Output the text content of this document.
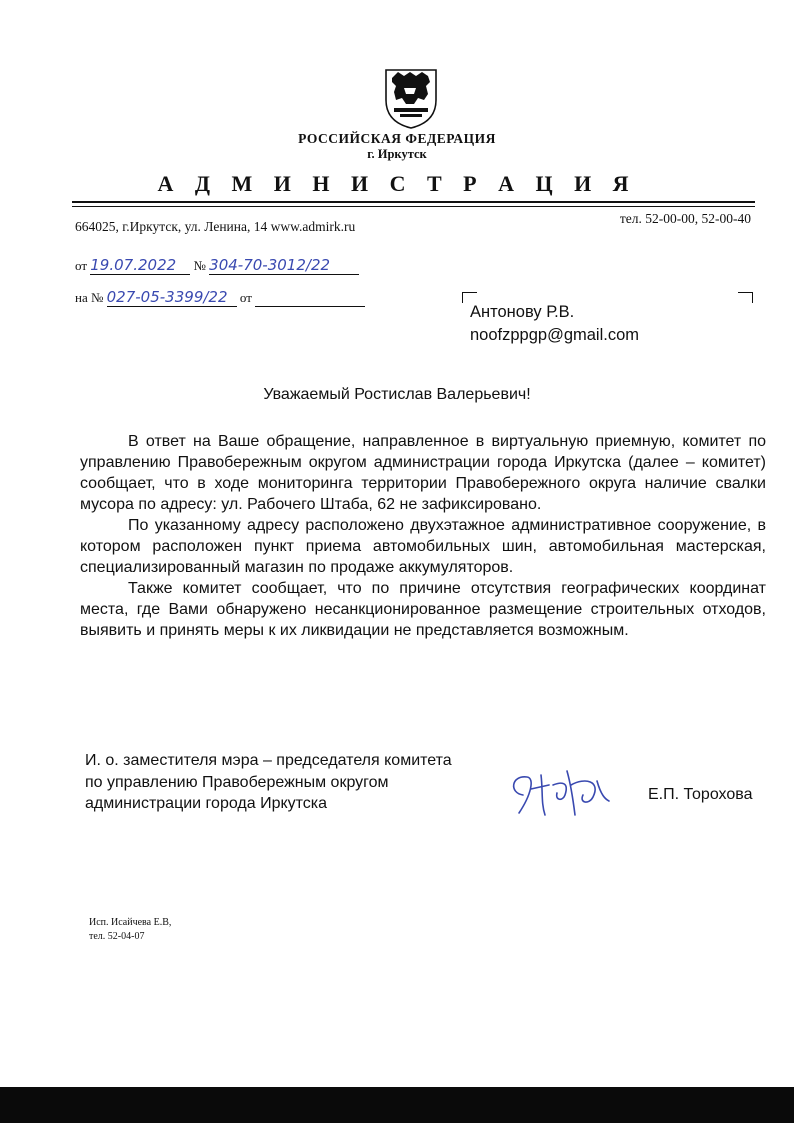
РОССИЙСКАЯ ФЕДЕРАЦИЯ
г. Иркутск
А Д М И Н И С Т Р А Ц И Я
664025, г.Иркутск, ул. Ленина, 14 www.admirk.ru
тел. 52-00-00, 52-00-40
от 19.07.2022 № 304-70-3012/22
на № 027-05-3399/22 от
Антонову Р.В.
noofzppgp@gmail.com
Уважаемый Ростислав Валерьевич!

В ответ на Ваше обращение, направленное в виртуальную приемную, комитет по управлению Правобережным округом администрации города Иркутска (далее – комитет) сообщает, что в ходе мониторинга территории Правобережного округа наличие свалки мусора по адресу: ул. Рабочего Штаба, 62 не зафиксировано.

По указанному адресу расположено двухэтажное административное сооружение, в котором расположен пункт приема автомобильных шин, автомобильная мастерская, специализированный магазин по продаже аккумуляторов.

Также комитет сообщает, что по причине отсутствия географических координат места, где Вами обнаружено несанкционированное размещение строительных отходов, выявить и принять меры к их ликвидации не представляется возможным.

И. о. заместителя мэра – председателя комитета
по управлению Правобережным округом
администрации города Иркутска
Е.П. Торохова
Исп. Исайчева Е.В,
тел. 52-04-07
